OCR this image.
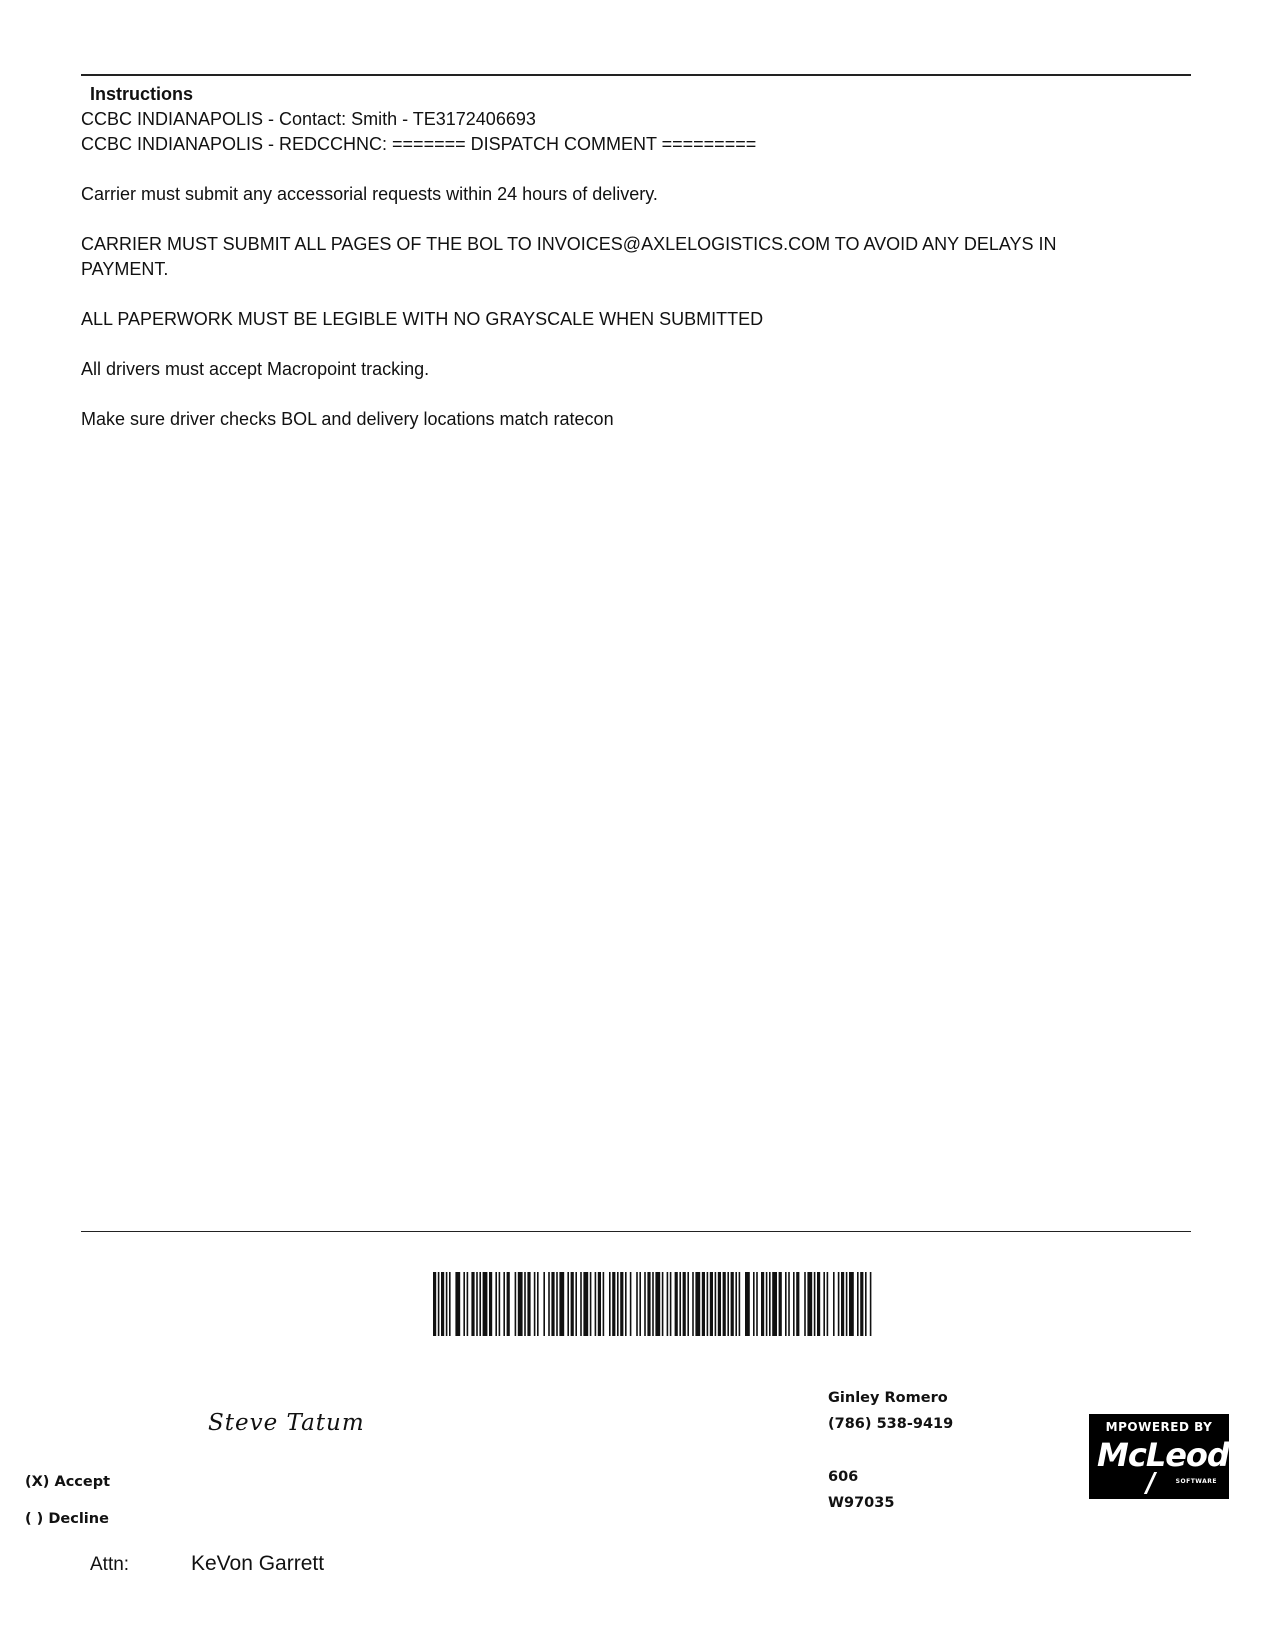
Instructions
CCBC INDIANAPOLIS - Contact: Smith - TE3172406693
CCBC INDIANAPOLIS - REDCCHNC: ======= DISPATCH COMMENT =========
Carrier must submit any accessorial requests within 24 hours of delivery.
CARRIER MUST SUBMIT ALL PAGES OF THE BOL TO INVOICES@AXLELOGISTICS.COM TO AVOID ANY DELAYS IN PAYMENT.
ALL PAPERWORK MUST BE LEGIBLE WITH NO GRAYSCALE WHEN SUBMITTED
All drivers must accept Macropoint tracking.
Make sure driver checks BOL and delivery locations match ratecon
Steve Tatum
(X) Accept
( ) Decline
Attn:	KeVon Garrett
Ginley Romero
(786) 538-9419
606
W97035
MPOWERED BY
McLeod
SOFTWARE
